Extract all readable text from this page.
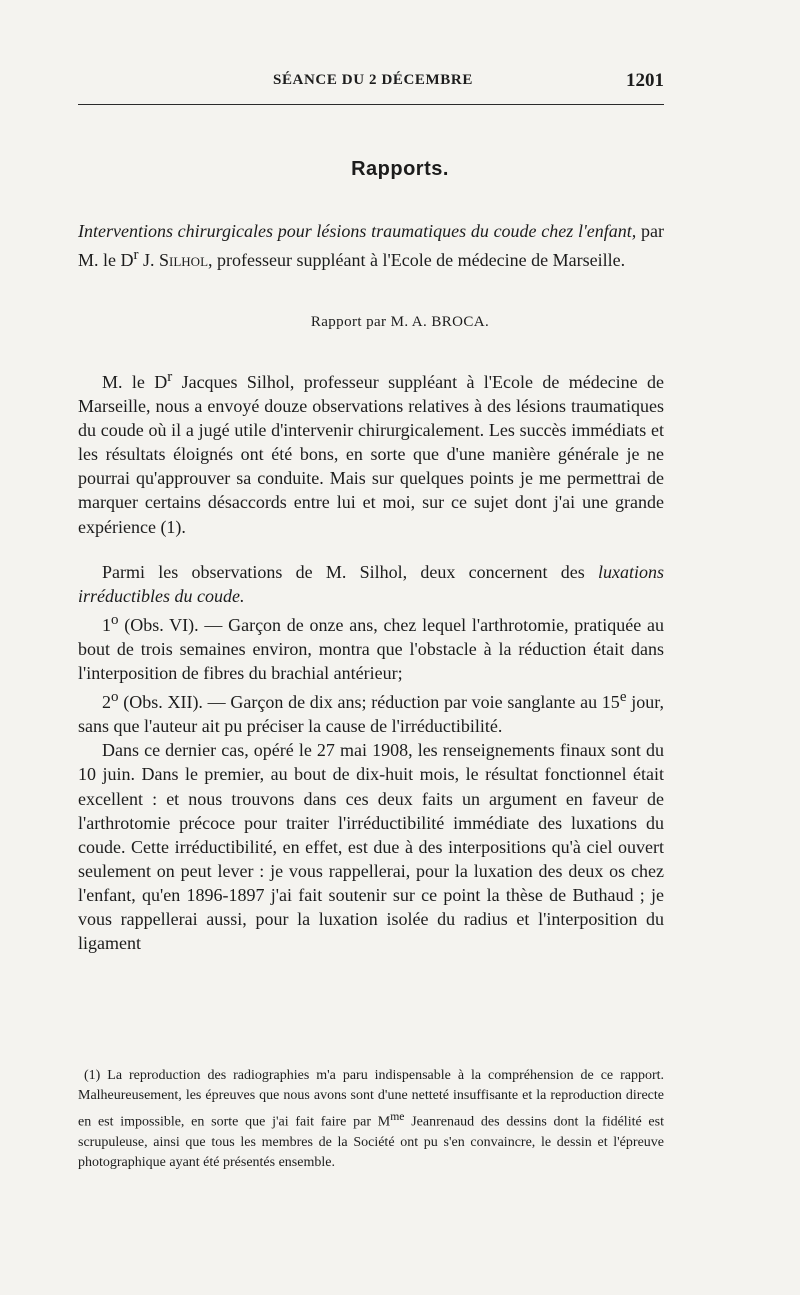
SÉANCE DU 2 DÉCEMBRE	1201
Rapports.

Interventions chirurgicales pour lésions traumatiques du coude chez l'enfant, par M. le $D^r$ J. Silhol, professeur suppléant à l'Ecole de médecine de Marseille.

Rapport par M. A. BROCA.

M. le $D^r$ Jacques Silhol, professeur suppléant à l'Ecole de médecine de Marseille, nous a envoyé douze observations relatives à des lésions traumatiques du coude où il a jugé utile d'intervenir chirurgicalement. Les succès immédiats et les résultats éloignés ont été bons, en sorte que d'une manière générale je ne pourrai qu'approuver sa conduite. Mais sur quelques points je me permettrai de marquer certains désaccords entre lui et moi, sur ce sujet dont j'ai une grande expérience (1).

Parmi les observations de M. Silhol, deux concernent des luxations irréductibles du coude.

1$^o$ (Obs. VI). — Garçon de onze ans, chez lequel l'arthrotomie, pratiquée au bout de trois semaines environ, montra que l'obstacle à la réduction était dans l'interposition de fibres du brachial antérieur;

2$^o$ (Obs. XII). — Garçon de dix ans; réduction par voie sanglante au 15e jour, sans que l'auteur ait pu préciser la cause de l'irréductibilité.

Dans ce dernier cas, opéré le 27 mai 1908, les renseignements finaux sont du 10 juin. Dans le premier, au bout de dix-huit mois, le résultat fonctionnel était excellent : et nous trouvons dans ces deux faits un argument en faveur de l'arthrotomie précoce pour traiter l'irréductibilité immédiate des luxations du coude. Cette irréductibilité, en effet, est due à des interpositions qu'à ciel ouvert seulement on peut lever : je vous rappellerai, pour la luxation des deux os chez l'enfant, qu'en 1896-1897 j'ai fait soutenir sur ce point la thèse de Buthaud ; je vous rappellerai aussi, pour la luxation isolée du radius et l'interposition du ligament

(1) La reproduction des radiographies m'a paru indispensable à la compréhension de ce rapport. Malheureusement, les épreuves que nous avons sont d'une netteté insuffisante et la reproduction directe en est impossible, en sorte que j'ai fait faire par $M^{me}$ Jeanrenaud des dessins dont la fidélité est scrupuleuse, ainsi que tous les membres de la Société ont pu s'en convaincre, le dessin et l'épreuve photographique ayant été présentés ensemble.
